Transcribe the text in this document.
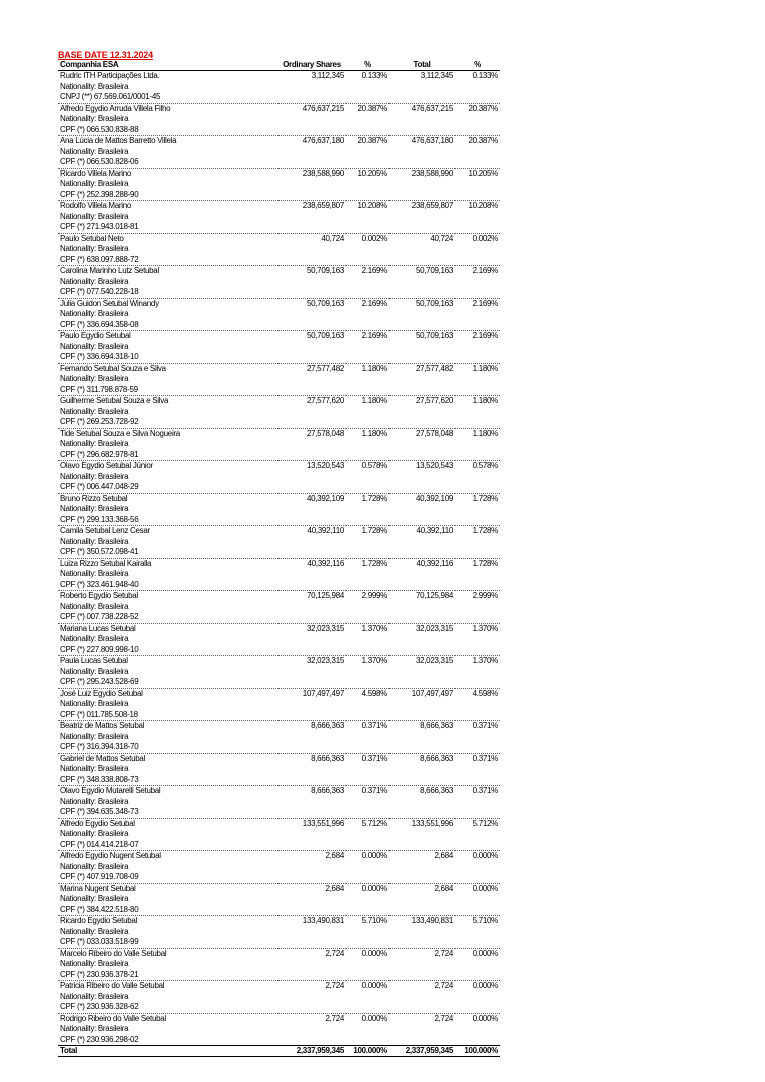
BASE DATE 12.31.2024
Companhia ESA	Ordinary Shares	%	Total	%
Rudric ITH Participações Ltda.	3,112,345	0.133%	3,112,345	0.133%
Nationality: Brasileira				
CNPJ (**) 67.569.061/0001-45				
Alfredo Egydio Arruda Villela Filho	476,637,215	20.387%	476,637,215	20.387%
Nationality: Brasileira				
CPF (*) 066.530.838-88				
Ana Lúcia de Mattos Barretto Villela	476,637,180	20.387%	476,637,180	20.387%
Nationality: Brasileira				
CPF (*) 066.530.828-06				
Ricardo Villela Marino	238,588,990	10.205%	238,588,990	10.205%
Nationality: Brasileira				
CPF (*) 252.398.288-90				
Rodolfo Villela Marino	238,659,807	10.208%	238,659,807	10.208%
Nationality: Brasileira				
CPF (*) 271.943.018-81				
Paulo Setubal Neto	40,724	0.002%	40,724	0.002%
Nationality: Brasileira				
CPF (*) 638.097.888-72				
Carolina Marinho Lutz Setubal	50,709,163	2.169%	50,709,163	2.169%
Nationality: Brasileira				
CPF (*) 077.540.228-18				
Julia Guidon Setubal Winandy	50,709,163	2.169%	50,709,163	2.169%
Nationality: Brasileira				
CPF (*) 336.694.358-08				
Paulo Egydio Setubal	50,709,163	2.169%	50,709,163	2.169%
Nationality: Brasileira				
CPF (*) 336.694.318-10				
Fernando Setubal Souza e Silva	27,577,482	1.180%	27,577,482	1.180%
Nationality: Brasileira				
CPF (*) 311.798.878-59				
Guilherme Setubal Souza e Silva	27,577,620	1.180%	27,577,620	1.180%
Nationality: Brasileira				
CPF (*) 269.253.728-92				
Tide Setubal Souza e Silva Nogueira	27,578,048	1.180%	27,578,048	1.180%
Nationality: Brasileira				
CPF (*) 296.682.978-81				
Olavo Egydio Setubal Júnior	13,520,543	0.578%	13,520,543	0.578%
Nationality: Brasileira				
CPF (*) 006.447.048-29				
Bruno Rizzo Setubal	40,392,109	1.728%	40,392,109	1.728%
Nationality: Brasileira				
CPF (*) 299.133.368-56				
Camila Setubal Lenz Cesar	40,392,110	1.728%	40,392,110	1.728%
Nationality: Brasileira				
CPF (*) 350.572.098-41				
Luiza Rizzo Setubal Kairalla	40,392,116	1.728%	40,392,116	1.728%
Nationality: Brasileira				
CPF (*) 323.461.948-40				
Roberto Egydio Setubal	70,125,984	2.999%	70,125,984	2.999%
Nationality: Brasileira				
CPF (*) 007.738.228-52				
Mariana Lucas Setubal	32,023,315	1.370%	32,023,315	1.370%
Nationality: Brasileira				
CPF (*) 227.809.998-10				
Paula Lucas Setubal	32,023,315	1.370%	32,023,315	1.370%
Nationality: Brasileira				
CPF (*) 295.243.528-69				
José Luiz Egydio Setubal	107,497,497	4.598%	107,497,497	4.598%
Nationality: Brasileira				
CPF (*) 011.785.508-18				
Beatriz de Mattos Setubal	8,666,363	0.371%	8,666,363	0.371%
Nationality: Brasileira				
CPF (*) 316.394.318-70				
Gabriel de Mattos Setubal	8,666,363	0.371%	8,666,363	0.371%
Nationality: Brasileira				
CPF (*) 348.338.808-73				
Olavo Egydio Mutarelli Setubal	8,666,363	0.371%	8,666,363	0.371%
Nationality: Brasileira				
CPF (*) 394.635.348-73				
Alfredo Egydio Setubal	133,551,996	5.712%	133,551,996	5.712%
Nationality: Brasileira				
CPF (*) 014.414.218-07				
Alfredo Egydio Nugent Setubal	2,684	0.000%	2,684	0.000%
Nationality: Brasileira				
CPF (*) 407.919.708-09				
Marina Nugent Setubal	2,684	0.000%	2,684	0.000%
Nationality: Brasileira				
CPF (*) 384.422.518-80				
Ricardo Egydio Setubal	133,490,831	5.710%	133,490,831	5.710%
Nationality: Brasileira				
CPF (*) 033.033.518-99				
Marcelo Ribeiro do Valle Setubal	2,724	0.000%	2,724	0.000%
Nationality: Brasileira				
CPF (*) 230.936.378-21				
Patricia Ribeiro do Valle Setubal	2,724	0.000%	2,724	0.000%
Nationality: Brasileira				
CPF (*) 230.936.328-62				
Rodrigo Ribeiro do Valle Setubal	2,724	0.000%	2,724	0.000%
Nationality: Brasileira				
CPF (*) 230.936.298-02				
Total	2,337,959,345	100.000%	2,337,959,345	100.000%
